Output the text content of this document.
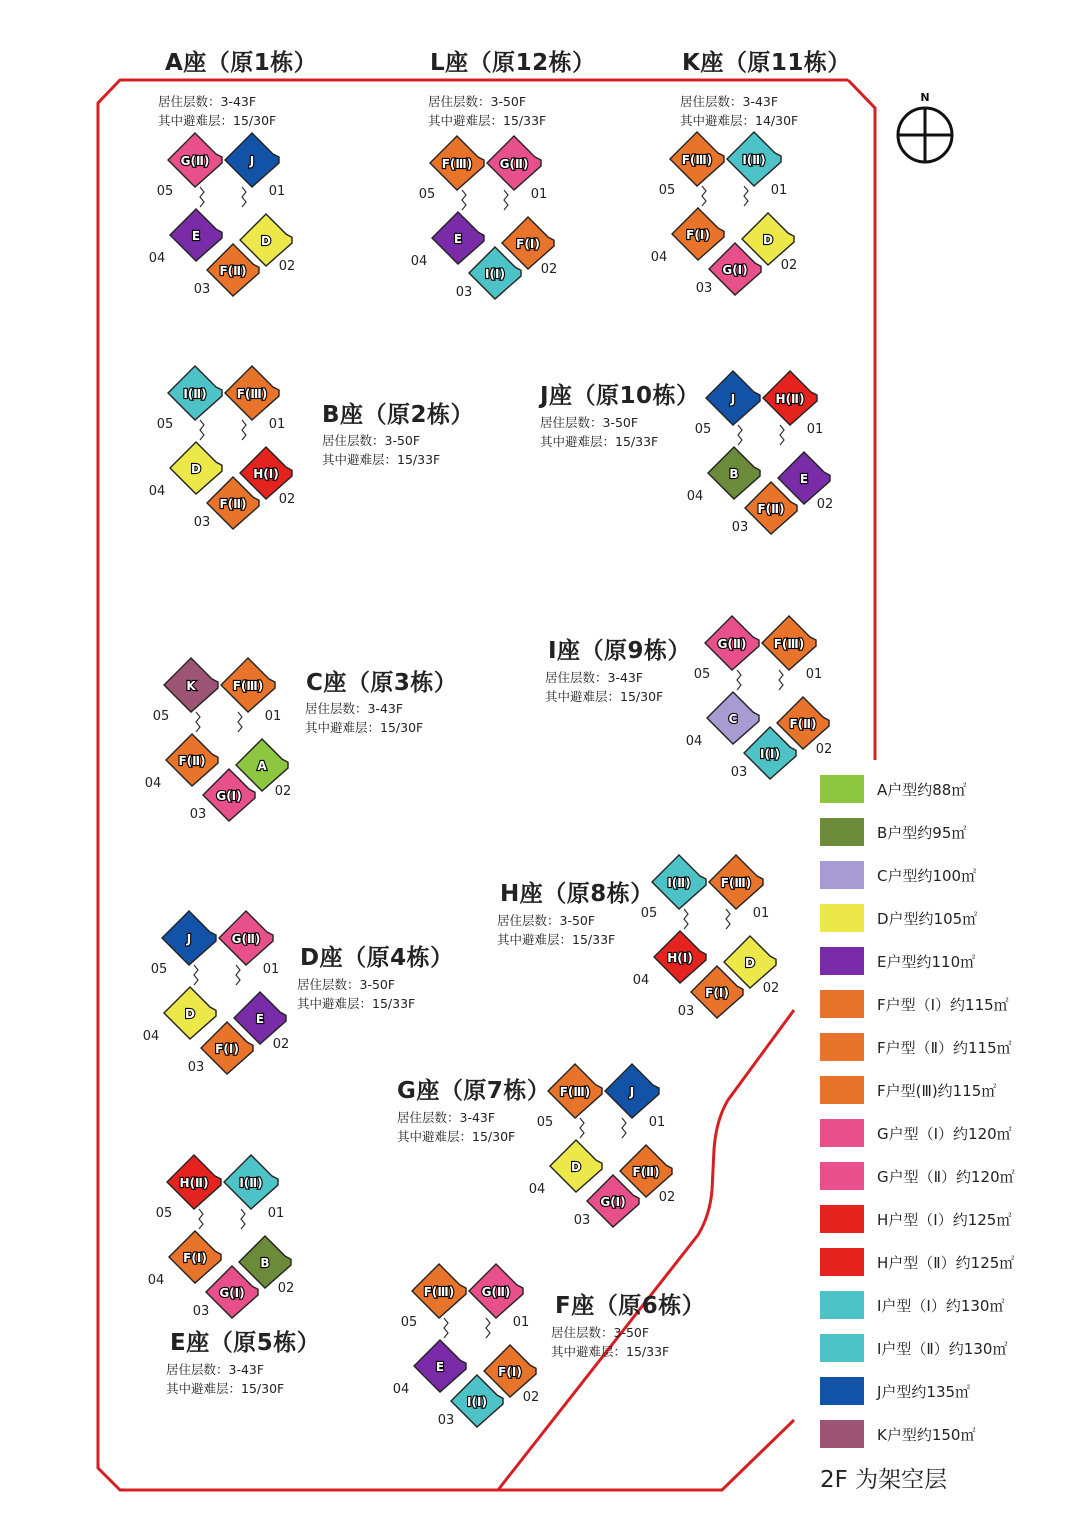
N
J
D
F(Ⅱ)
E
G(Ⅱ)
01
02
03
04
05
G(Ⅱ)
F(Ⅰ)
I(Ⅰ)
E
F(Ⅲ)
01
02
03
04
05
I(Ⅱ)
D
G(Ⅰ)
F(Ⅰ)
F(Ⅲ)
01
02
03
04
05
F(Ⅲ)
H(Ⅰ)
F(Ⅱ)
D
I(Ⅱ)
01
02
03
04
05
H(Ⅱ)
E
F(Ⅱ)
B
J
01
02
03
04
05
F(Ⅲ)
A
G(Ⅰ)
F(Ⅱ)
K
01
02
03
04
05
F(Ⅲ)
F(Ⅱ)
I(Ⅰ)
C
G(Ⅱ)
01
02
03
04
05
G(Ⅱ)
E
F(Ⅰ)
D
J
01
02
03
04
05
F(Ⅲ)
D
F(Ⅰ)
H(Ⅰ)
I(Ⅱ)
01
02
03
04
05
J
F(Ⅱ)
G(Ⅰ)
D
F(Ⅲ)
01
02
03
04
05
I(Ⅱ)
B
G(Ⅰ)
F(Ⅰ)
H(Ⅱ)
01
02
03
04
05
G(Ⅱ)
F(Ⅰ)
I(Ⅰ)
E
F(Ⅲ)
01
02
03
04
05
A座（原1栋）
居住层数：3-43F
其中避难层：15/30F
L座（原12栋）
居住层数：3-50F
其中避难层：15/33F
K座（原11栋）
居住层数：3-43F
其中避难层：14/30F
B座（原2栋）
居住层数：3-50F
其中避难层：15/33F
J座（原10栋）
居住层数：3-50F
其中避难层：15/33F
C座（原3栋）
居住层数：3-43F
其中避难层：15/30F
I座（原9栋）
居住层数：3-43F
其中避难层：15/30F
D座（原4栋）
居住层数：3-50F
其中避难层：15/33F
H座（原8栋）
居住层数：3-50F
其中避难层：15/33F
G座（原7栋）
居住层数：3-43F
其中避难层：15/30F
E座（原5栋）
居住层数：3-43F
其中避难层：15/30F
F座（原6栋）
居住层数：3-50F
其中避难层：15/33F
A户型约88㎡
B户型约95㎡
C户型约100㎡
D户型约105㎡
E户型约110㎡
F户型（Ⅰ）约115㎡
F户型（Ⅱ）约115㎡
F户型(Ⅲ)约115㎡
G户型（Ⅰ）约120㎡
G户型（Ⅱ）约120㎡
H户型（Ⅰ）约125㎡
H户型（Ⅱ）约125㎡
I户型（Ⅰ）约130㎡
I户型（Ⅱ）约130㎡
J户型约135㎡
K户型约150㎡
2F 为架空层
